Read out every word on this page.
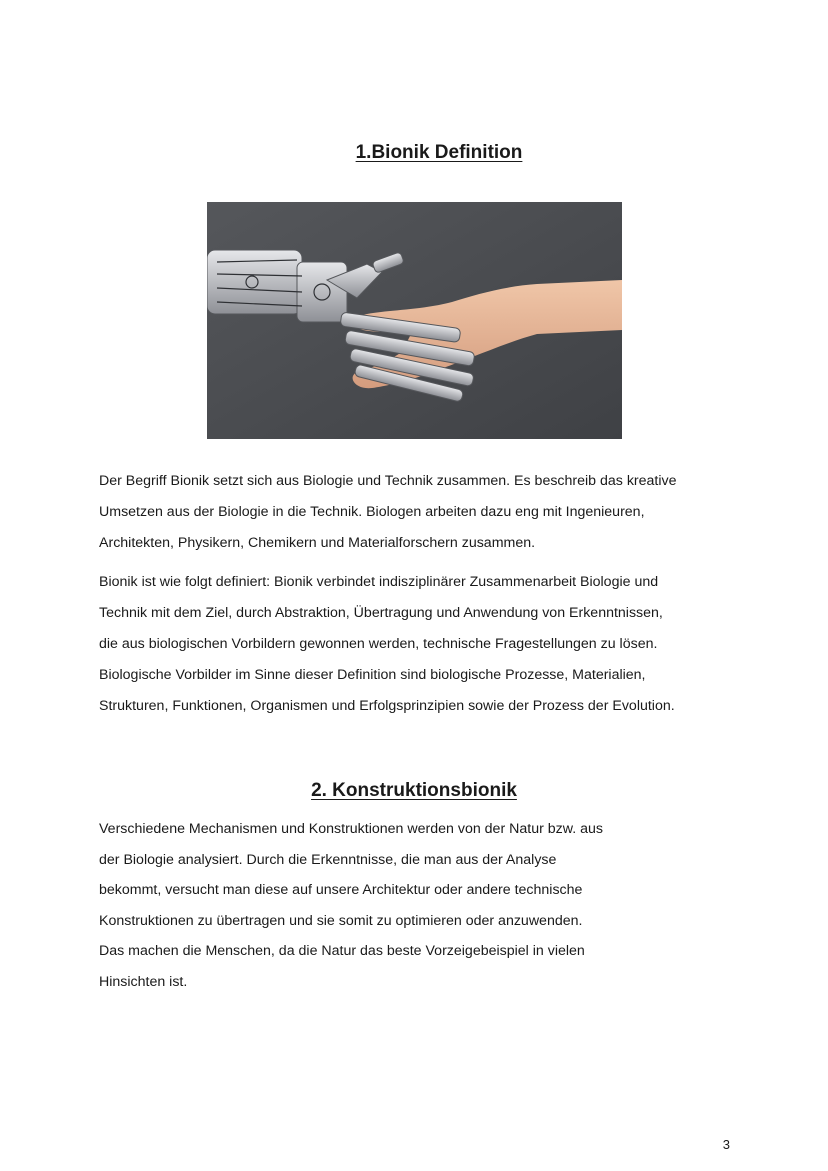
1.Bionik Definition

Der Begriff Bionik setzt sich aus Biologie und Technik zusammen. Es beschreib das kreative
Umsetzen aus der Biologie in die Technik. Biologen arbeiten dazu eng mit Ingenieuren,
Architekten, Physikern, Chemikern und Materialforschern zusammen.

Bionik ist wie folgt definiert: Bionik verbindet indisziplinärer Zusammenarbeit Biologie und
Technik mit dem Ziel, durch Abstraktion, Übertragung und Anwendung von Erkenntnissen,
die aus biologischen Vorbildern gewonnen werden, technische Fragestellungen zu lösen.
Biologische Vorbilder im Sinne dieser Definition sind biologische Prozesse, Materialien,
Strukturen, Funktionen, Organismen und Erfolgsprinzipien sowie der Prozess der Evolution.

2. Konstruktionsbionik

Verschiedene Mechanismen und Konstruktionen werden von der Natur bzw. aus
der Biologie analysiert. Durch die Erkenntnisse, die man aus der Analyse
bekommt, versucht man diese auf unsere Architektur oder andere technische
Konstruktionen zu übertragen und sie somit zu optimieren oder anzuwenden.
Das machen die Menschen, da die Natur das beste Vorzeigebeispiel in vielen
Hinsichten ist.

3
